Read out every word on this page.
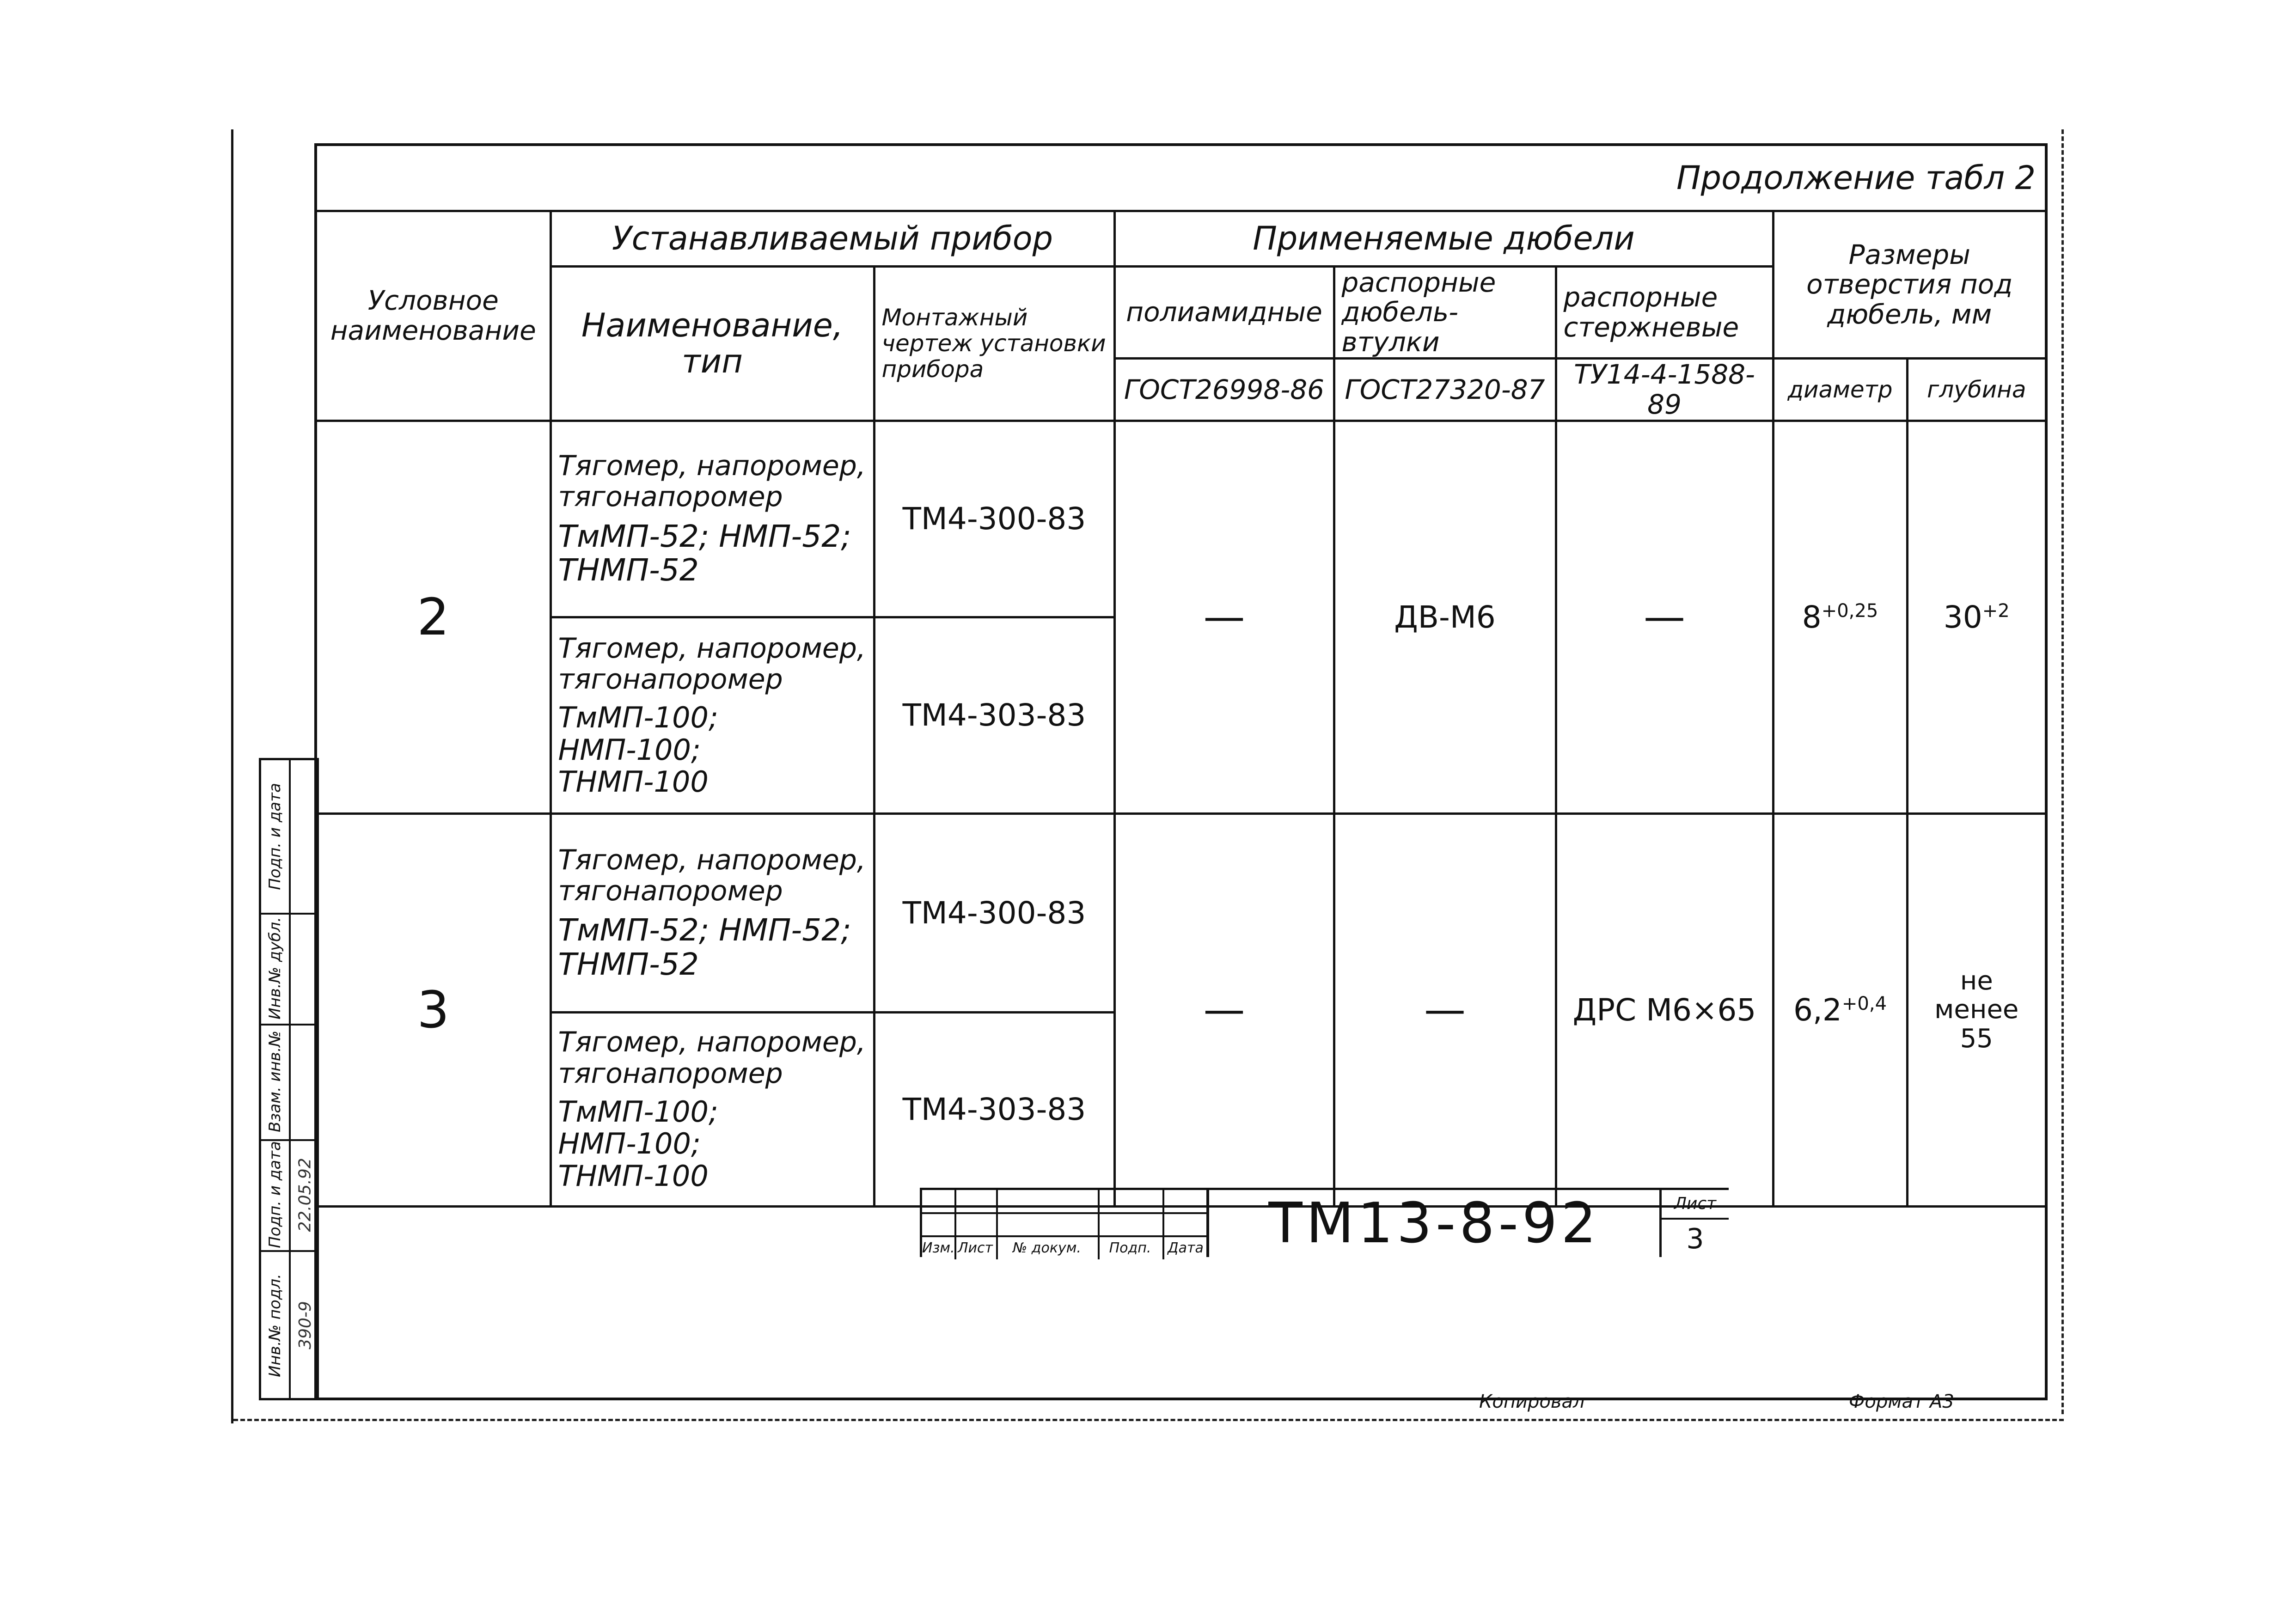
Продолжение табл 2							
Условное наименование	Устанавливаемый прибор		Применяемые дюбели			Размеры отверстия под дюбель, мм	
	Наименование, тип	Монтажный чертеж установки прибора	полиамидные	распорные дюбель-втулки	распорные стержневые		
			ГОСТ26998-86	ГОСТ27320-87	ТУ14-4-1588-89	диаметр	глубина
2	Тягомер, напоромер,
тягонапоромер
ТмМП-52; НМП-52;
ТНМП-52	ТМ4-300-83	—	ДВ-М6	—	$8^{+0,25}$	$30^{+2}$

	Тягомер, напоромер,
тягонапоромер
ТмМП-100; НМП-100;
ТНМП-100	ТМ4-303-83					
3	Тягомер, напоромер,
тягонапоромер
ТмМП-52; НМП-52;
ТНМП-52	ТМ4-300-83	—	—	ДРС М6×65	$6,2^{+0,4}$	не менее 55

	Тягомер, напоромер,
тягонапоромер
ТмМП-100; НМП-100;
ТНМП-100	ТМ4-303-83					
Изм. Лист	№ докум.	Подп.	Дата	ТМ13-8-92	Лист
3
Подп. и дата
Инв.№ дубл.
Взам. инв.№
Подп. и дата
Инв.№ подл.
22.05.92
390-9
Копировал	Формат А3
